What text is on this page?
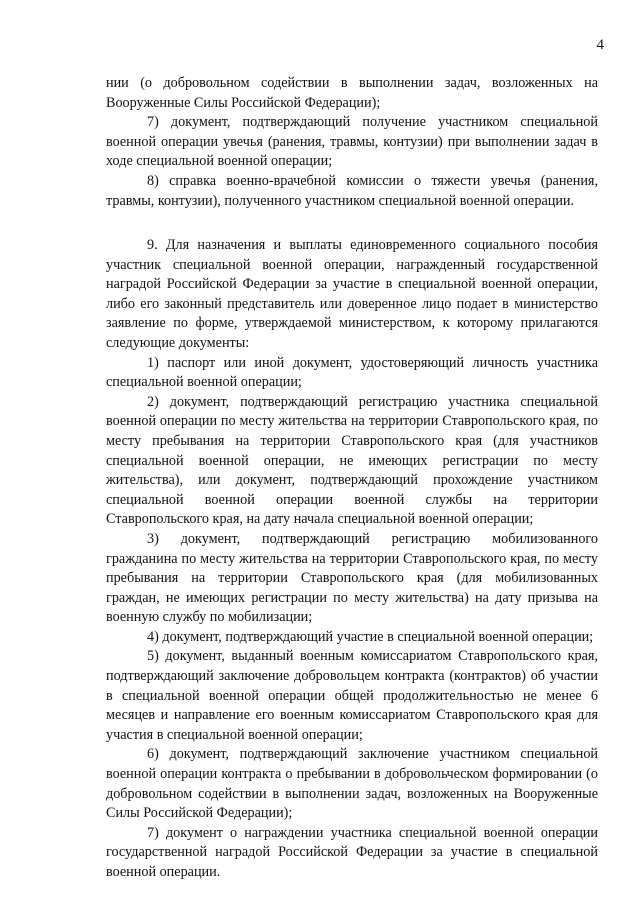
4

нии (о добровольном содействии в выполнении задач, возложенных на Вооруженные Силы Российской Федерации);

7) документ, подтверждающий получение участником специальной военной операции увечья (ранения, травмы, контузии) при выполнении задач в ходе специальной военной операции;

8) справка военно-врачебной комиссии о тяжести увечья (ранения, травмы, контузии), полученного участником специальной военной операции.

9. Для назначения и выплаты единовременного социального пособия участник специальной военной операции, награжденный государственной наградой Российской Федерации за участие в специальной военной операции, либо его законный представитель или доверенное лицо подает в министерство заявление по форме, утверждаемой министерством, к которому прилагаются следующие документы:

1) паспорт или иной документ, удостоверяющий личность участника специальной военной операции;

2) документ, подтверждающий регистрацию участника специальной военной операции по месту жительства на территории Ставропольского края, по месту пребывания на территории Ставропольского края (для участников специальной военной операции, не имеющих регистрации по месту жительства), или документ, подтверждающий прохождение участником специальной военной операции военной службы на территории Ставропольского края, на дату начала специальной военной операции;

3) документ, подтверждающий регистрацию мобилизованного гражданина по месту жительства на территории Ставропольского края, по месту пребывания на территории Ставропольского края (для мобилизованных граждан, не имеющих регистрации по месту жительства) на дату призыва на военную службу по мобилизации;

4) документ, подтверждающий участие в специальной военной операции;

5) документ, выданный военным комиссариатом Ставропольского края, подтверждающий заключение добровольцем контракта (контрактов) об участии в специальной военной операции общей продолжительностью не менее 6 месяцев и направление его военным комиссариатом Ставропольского края для участия в специальной военной операции;

6) документ, подтверждающий заключение участником специальной военной операции контракта о пребывании в добровольческом формировании (о добровольном содействии в выполнении задач, возложенных на Вооруженные Силы Российской Федерации);

7) документ о награждении участника специальной военной операции государственной наградой Российской Федерации за участие в специальной военной операции.
